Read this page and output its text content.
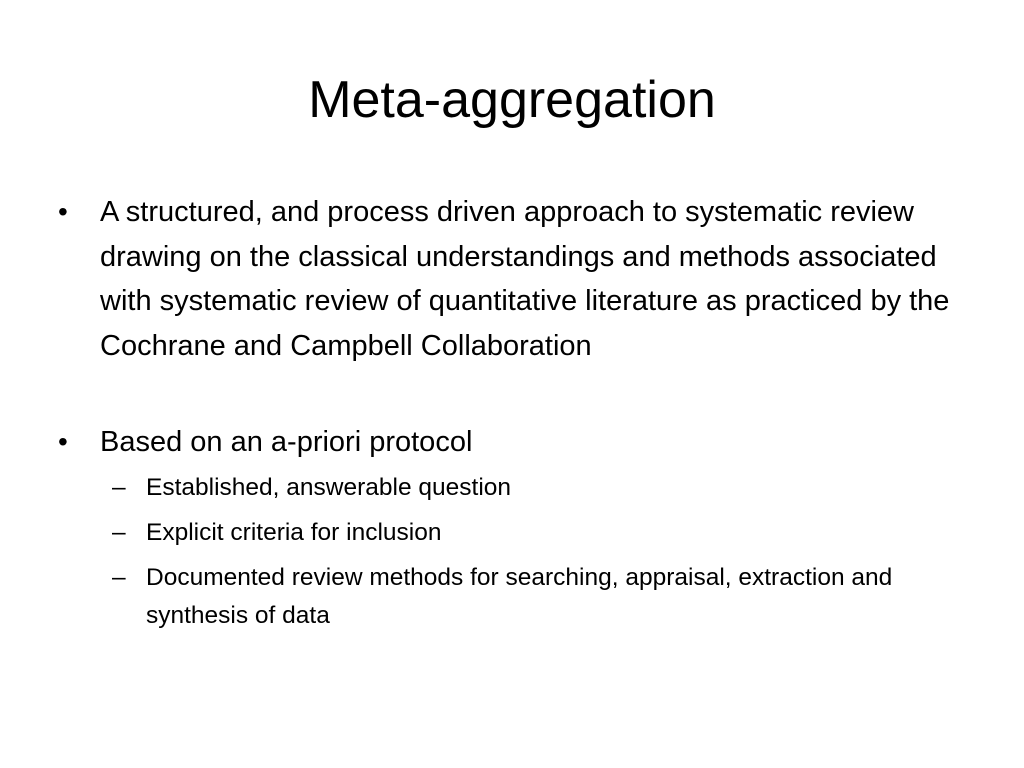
Meta-aggregation
• A structured, and process driven approach to systematic review drawing on the classical understandings and methods associated with systematic review of quantitative literature as practiced by the Cochrane and Campbell Collaboration
• Based on an a-priori protocol
– Established, answerable question
– Explicit criteria for inclusion
– Documented review methods for searching, appraisal, extraction and synthesis of data
